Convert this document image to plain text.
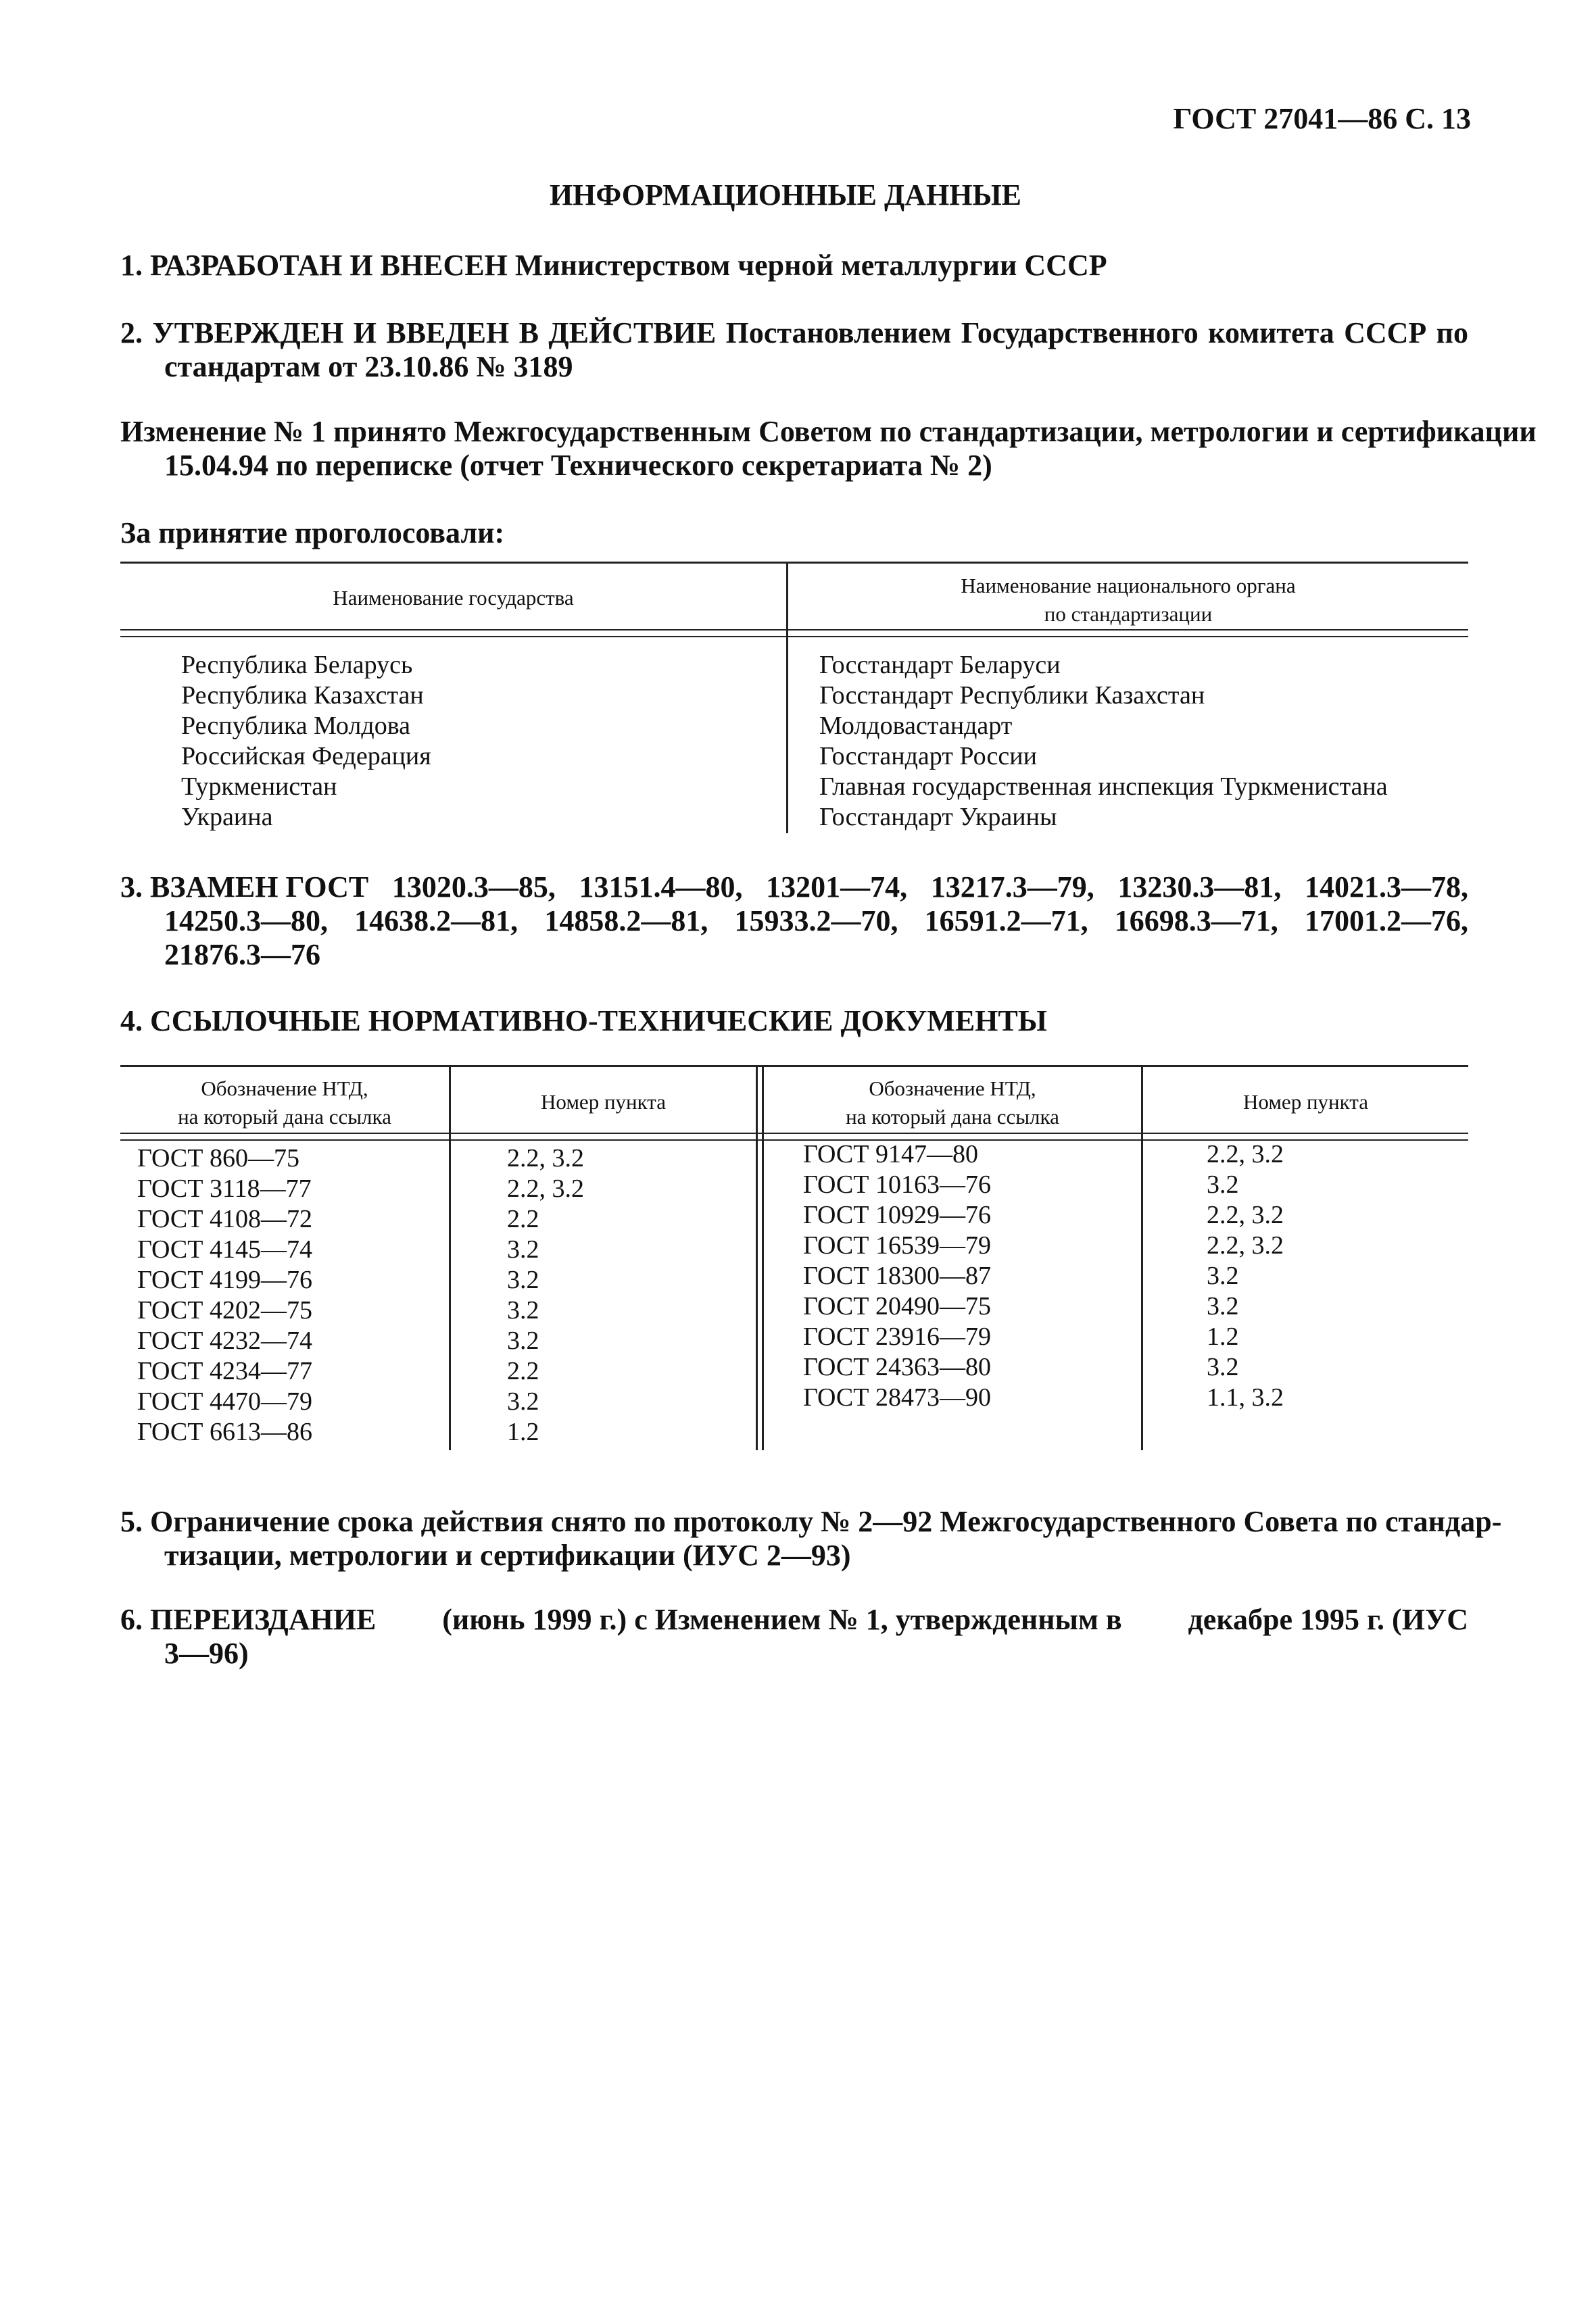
ГОСТ 27041—86 С. 13
ИНФОРМАЦИОННЫЕ ДАННЫЕ
1. РАЗРАБОТАН И ВНЕСЕН Министерством черной металлургии СССР
2. УТВЕРЖДЕН И ВВЕДЕН В ДЕЙСТВИЕ Постановлением Государственного комитета СССР по
стандартам от 23.10.86 № 3189
Изменение № 1 принято Межгосударственным Советом по стандартизации, метрологии и сертификации
15.04.94 по переписке (отчет Технического секретариата № 2)
За принятие проголосовали:
Наименование государства
Наименование национального органа
по стандартизации
Республика Беларусь
Республика Казахстан
Республика Молдова
Российская Федерация
Туркменистан
Украина
Госстандарт Беларуси
Госстандарт Республики Казахстан
Молдовастандарт
Госстандарт России
Главная государственная инспекция Туркменистана
Госстандарт Украины
3. ВЗАМЕН ГОСТ 13020.3—85, 13151.4—80, 13201—74, 13217.3—79, 13230.3—81, 14021.3—78,
14250.3—80, 14638.2—81, 14858.2—81, 15933.2—70, 16591.2—71, 16698.3—71, 17001.2—76,
21876.3—76
4. ССЫЛОЧНЫЕ НОРМАТИВНО-ТЕХНИЧЕСКИЕ ДОКУМЕНТЫ
Обозначение НТД,
на который дана ссылка
Номер пункта
Обозначение НТД,
на который дана ссылка
Номер пункта
ГОСТ 860—75
ГОСТ 3118—77
ГОСТ 4108—72
ГОСТ 4145—74
ГОСТ 4199—76
ГОСТ 4202—75
ГОСТ 4232—74
ГОСТ 4234—77
ГОСТ 4470—79
ГОСТ 6613—86
2.2, 3.2
2.2, 3.2
2.2
3.2
3.2
3.2
3.2
2.2
3.2
1.2
ГОСТ 9147—80
ГОСТ 10163—76
ГОСТ 10929—76
ГОСТ 16539—79
ГОСТ 18300—87
ГОСТ 20490—75
ГОСТ 23916—79
ГОСТ 24363—80
ГОСТ 28473—90
2.2, 3.2
3.2
2.2, 3.2
2.2, 3.2
3.2
3.2
1.2
3.2
1.1, 3.2
5. Ограничение срока действия снято по протоколу № 2—92 Межгосударственного Совета по стандар-
тизации, метрологии и сертификации (ИУС 2—93)
6. ПЕРЕИЗДАНИЕ (июнь 1999 г.) с Изменением № 1, утвержденным в декабре 1995 г. (ИУС
3—96)
